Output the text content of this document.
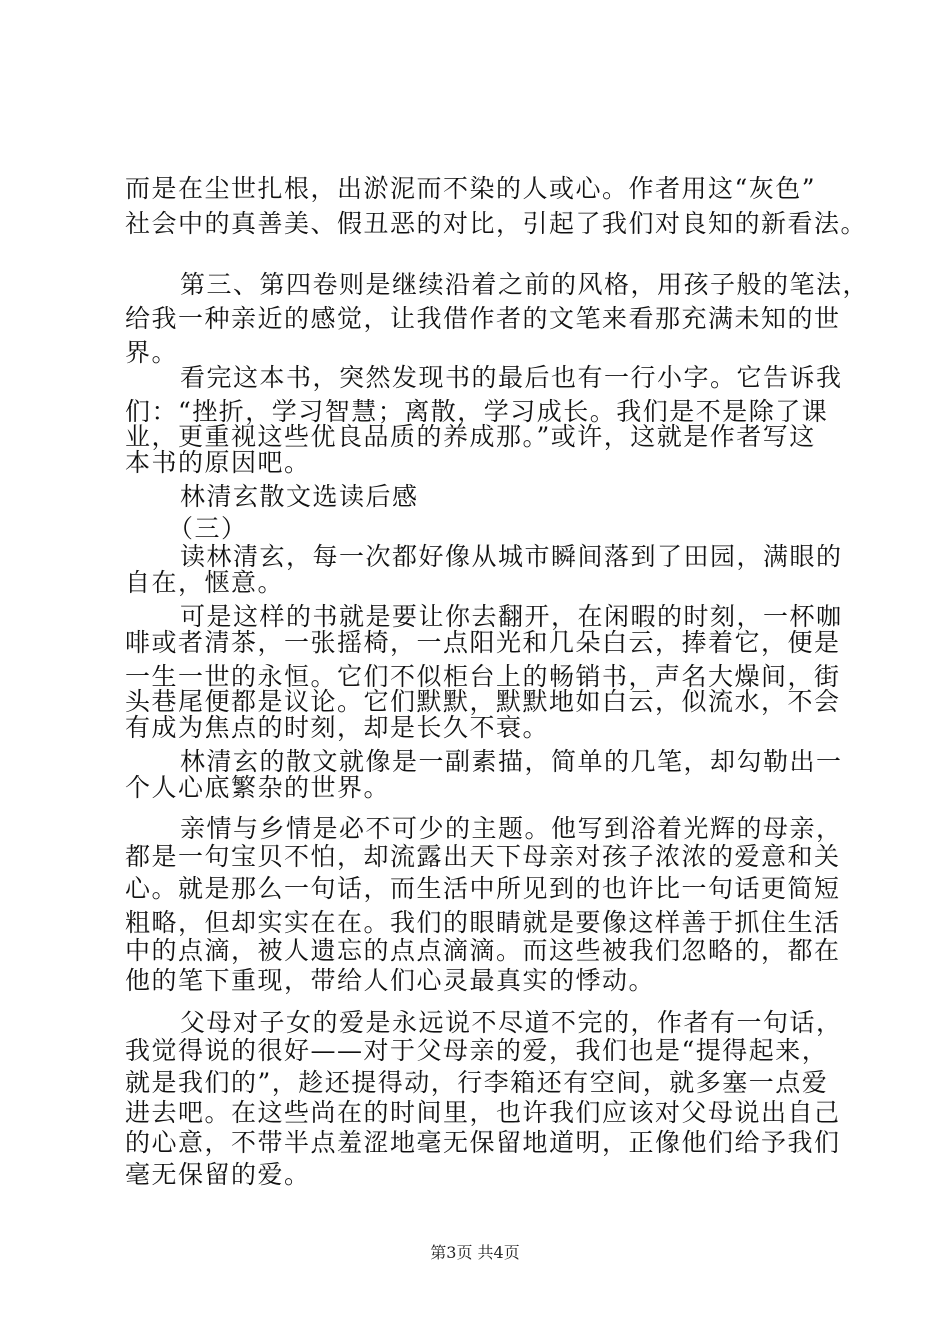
而是在尘世扎根，出淤泥而不染的人或心。作者用这“灰色”
社会中的真善美、假丑恶的对比，引起了我们对良知的新看法。
第三、第四卷则是继续沿着之前的风格，用孩子般的笔法，
给我一种亲近的感觉，让我借作者的文笔来看那充满未知的世
界。
看完这本书，突然发现书的最后也有一行小字。它告诉我
们：“挫折，学习智慧；离散，学习成长。我们是不是除了课
业，更重视这些优良品质的养成那。”或许，这就是作者写这
本书的原因吧。
林清玄散文选读后感
（三）
读林清玄，每一次都好像从城市瞬间落到了田园，满眼的
自在，惬意。
可是这样的书就是要让你去翻开，在闲暇的时刻，一杯咖
啡或者清茶，一张摇椅，一点阳光和几朵白云，捧着它，便是
一生一世的永恒。它们不似柜台上的畅销书，声名大燥间，街
头巷尾便都是议论。它们默默，默默地如白云，似流水，不会
有成为焦点的时刻，却是长久不衰。
林清玄的散文就像是一副素描，简单的几笔，却勾勒出一
个人心底繁杂的世界。
亲情与乡情是必不可少的主题。他写到浴着光辉的母亲，
都是一句宝贝不怕，却流露出天下母亲对孩子浓浓的爱意和关
心。就是那么一句话，而生活中所见到的也许比一句话更简短
粗略，但却实实在在。我们的眼睛就是要像这样善于抓住生活
中的点滴，被人遗忘的点点滴滴。而这些被我们忽略的，都在
他的笔下重现，带给人们心灵最真实的悸动。
父母对子女的爱是永远说不尽道不完的，作者有一句话，
我觉得说的很好——对于父母亲的爱，我们也是“提得起来，
就是我们的”，趁还提得动，行李箱还有空间，就多塞一点爱
进去吧。在这些尚在的时间里，也许我们应该对父母说出自己
的心意，不带半点羞涩地毫无保留地道明，正像他们给予我们
毫无保留的爱。
第3页 共4页
